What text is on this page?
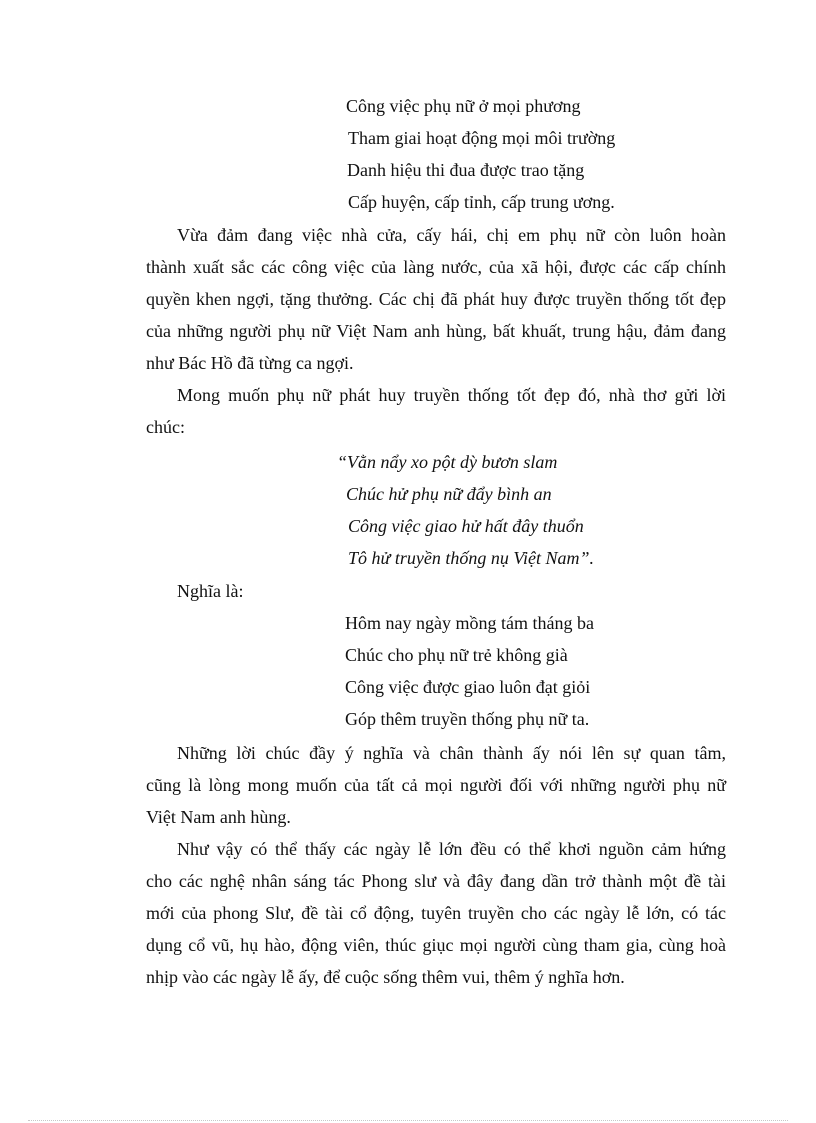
Công việc phụ nữ ở mọi phương
Tham giai hoạt động mọi môi trường
Danh hiệu thi đua được trao tặng
Cấp huyện, cấp tỉnh, cấp trung ương.
Vừa đảm đang việc nhà cửa, cấy hái, chị em phụ nữ còn luôn hoàn
thành xuất sắc các công việc của làng nước, của xã hội, được các cấp chính
quyền khen ngợi, tặng thưởng. Các chị đã phát huy được truyền thống tốt đẹp
của những người phụ nữ Việt Nam anh hùng, bất khuất, trung hậu, đảm đang
như Bác Hồ đã từng ca ngợi.
Mong muốn phụ nữ phát huy truyền thống tốt đẹp đó, nhà thơ gửi lời
chúc:
“Vằn nẩy xo pột dỳ bươn slam
Chúc hử phụ nữ đẩy bình an
Công việc giao hử hất đây thuổn
Tô hử truyền thống nụ Việt Nam”.
Nghĩa là:
Hôm nay ngày mồng tám tháng ba
Chúc cho phụ nữ trẻ không già
Công việc được giao luôn đạt giỏi
Góp thêm truyền thống phụ nữ ta.
Những lời chúc đầy ý nghĩa và chân thành ấy nói lên sự quan tâm,
cũng là lòng mong muốn của tất cả mọi người đối với những người phụ nữ
Việt Nam anh hùng.
Như vậy có thể thấy các ngày lễ lớn đều có thể khơi nguồn cảm hứng
cho các nghệ nhân sáng tác Phong slư và đây đang dần trở thành một đề tài
mới của phong Slư, đề tài cổ động, tuyên truyền cho các ngày lễ lớn, có tác
dụng cổ vũ, hụ hào, động viên, thúc giục mọi người cùng tham gia, cùng hoà
nhịp vào các ngày lễ ấy, để cuộc sống thêm vui, thêm ý nghĩa hơn.
